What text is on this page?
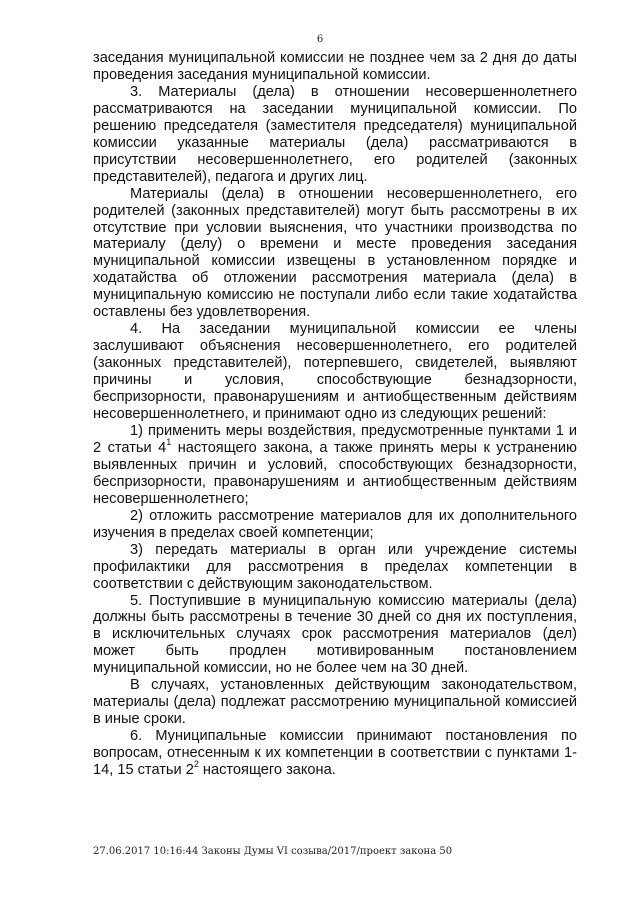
6

заседания муниципальной комиссии не позднее чем за 2 дня до даты проведения заседания муниципальной комиссии.

3. Материалы (дела) в отношении несовершеннолетнего рассматриваются на заседании муниципальной комиссии. По решению председателя (заместителя председателя) муниципальной комиссии указанные материалы (дела) рассматриваются в присутствии несовершеннолетнего, его родителей (законных представителей), педагога и других лиц.

Материалы (дела) в отношении несовершеннолетнего, его родителей (законных представителей) могут быть рассмотрены в их отсутствие при условии выяснения, что участники производства по материалу (делу) о времени и месте проведения заседания муниципальной комиссии извещены в установленном порядке и ходатайства об отложении рассмотрения материала (дела) в муниципальную комиссию не поступали либо если такие ходатайства оставлены без удовлетворения.

4. На заседании муниципальной комиссии ее члены заслушивают объяснения несовершеннолетнего, его родителей (законных представителей), потерпевшего, свидетелей, выявляют причины и условия, способствующие безнадзорности, беспризорности, правонарушениям и антиобщественным действиям несовершеннолетнего, и принимают одно из следующих решений:

1) применить меры воздействия, предусмотренные пунктами 1 и 2 статьи $4^1$ настоящего закона, а также принять меры к устранению выявленных причин и условий, способствующих безнадзорности, беспризорности, правонарушениям и антиобщественным действиям несовершеннолетнего;

2) отложить рассмотрение материалов для их дополнительного изучения в пределах своей компетенции;

3) передать материалы в орган или учреждение системы профилактики для рассмотрения в пределах компетенции в соответствии с действующим законодательством.

5. Поступившие в муниципальную комиссию материалы (дела) должны быть рассмотрены в течение 30 дней со дня их поступления, в исключительных случаях срок рассмотрения материалов (дел) может быть продлен мотивированным постановлением муниципальной комиссии, но не более чем на 30 дней.

В случаях, установленных действующим законодательством, материалы (дела) подлежат рассмотрению муниципальной комиссией в иные сроки.

6. Муниципальные комиссии принимают постановления по вопросам, отнесенным к их компетенции в соответствии с пунктами 1-14, 15 статьи $2^2$ настоящего закона.

27.06.2017 10:16:44 Законы Думы VI созыва/2017/проект закона 50
